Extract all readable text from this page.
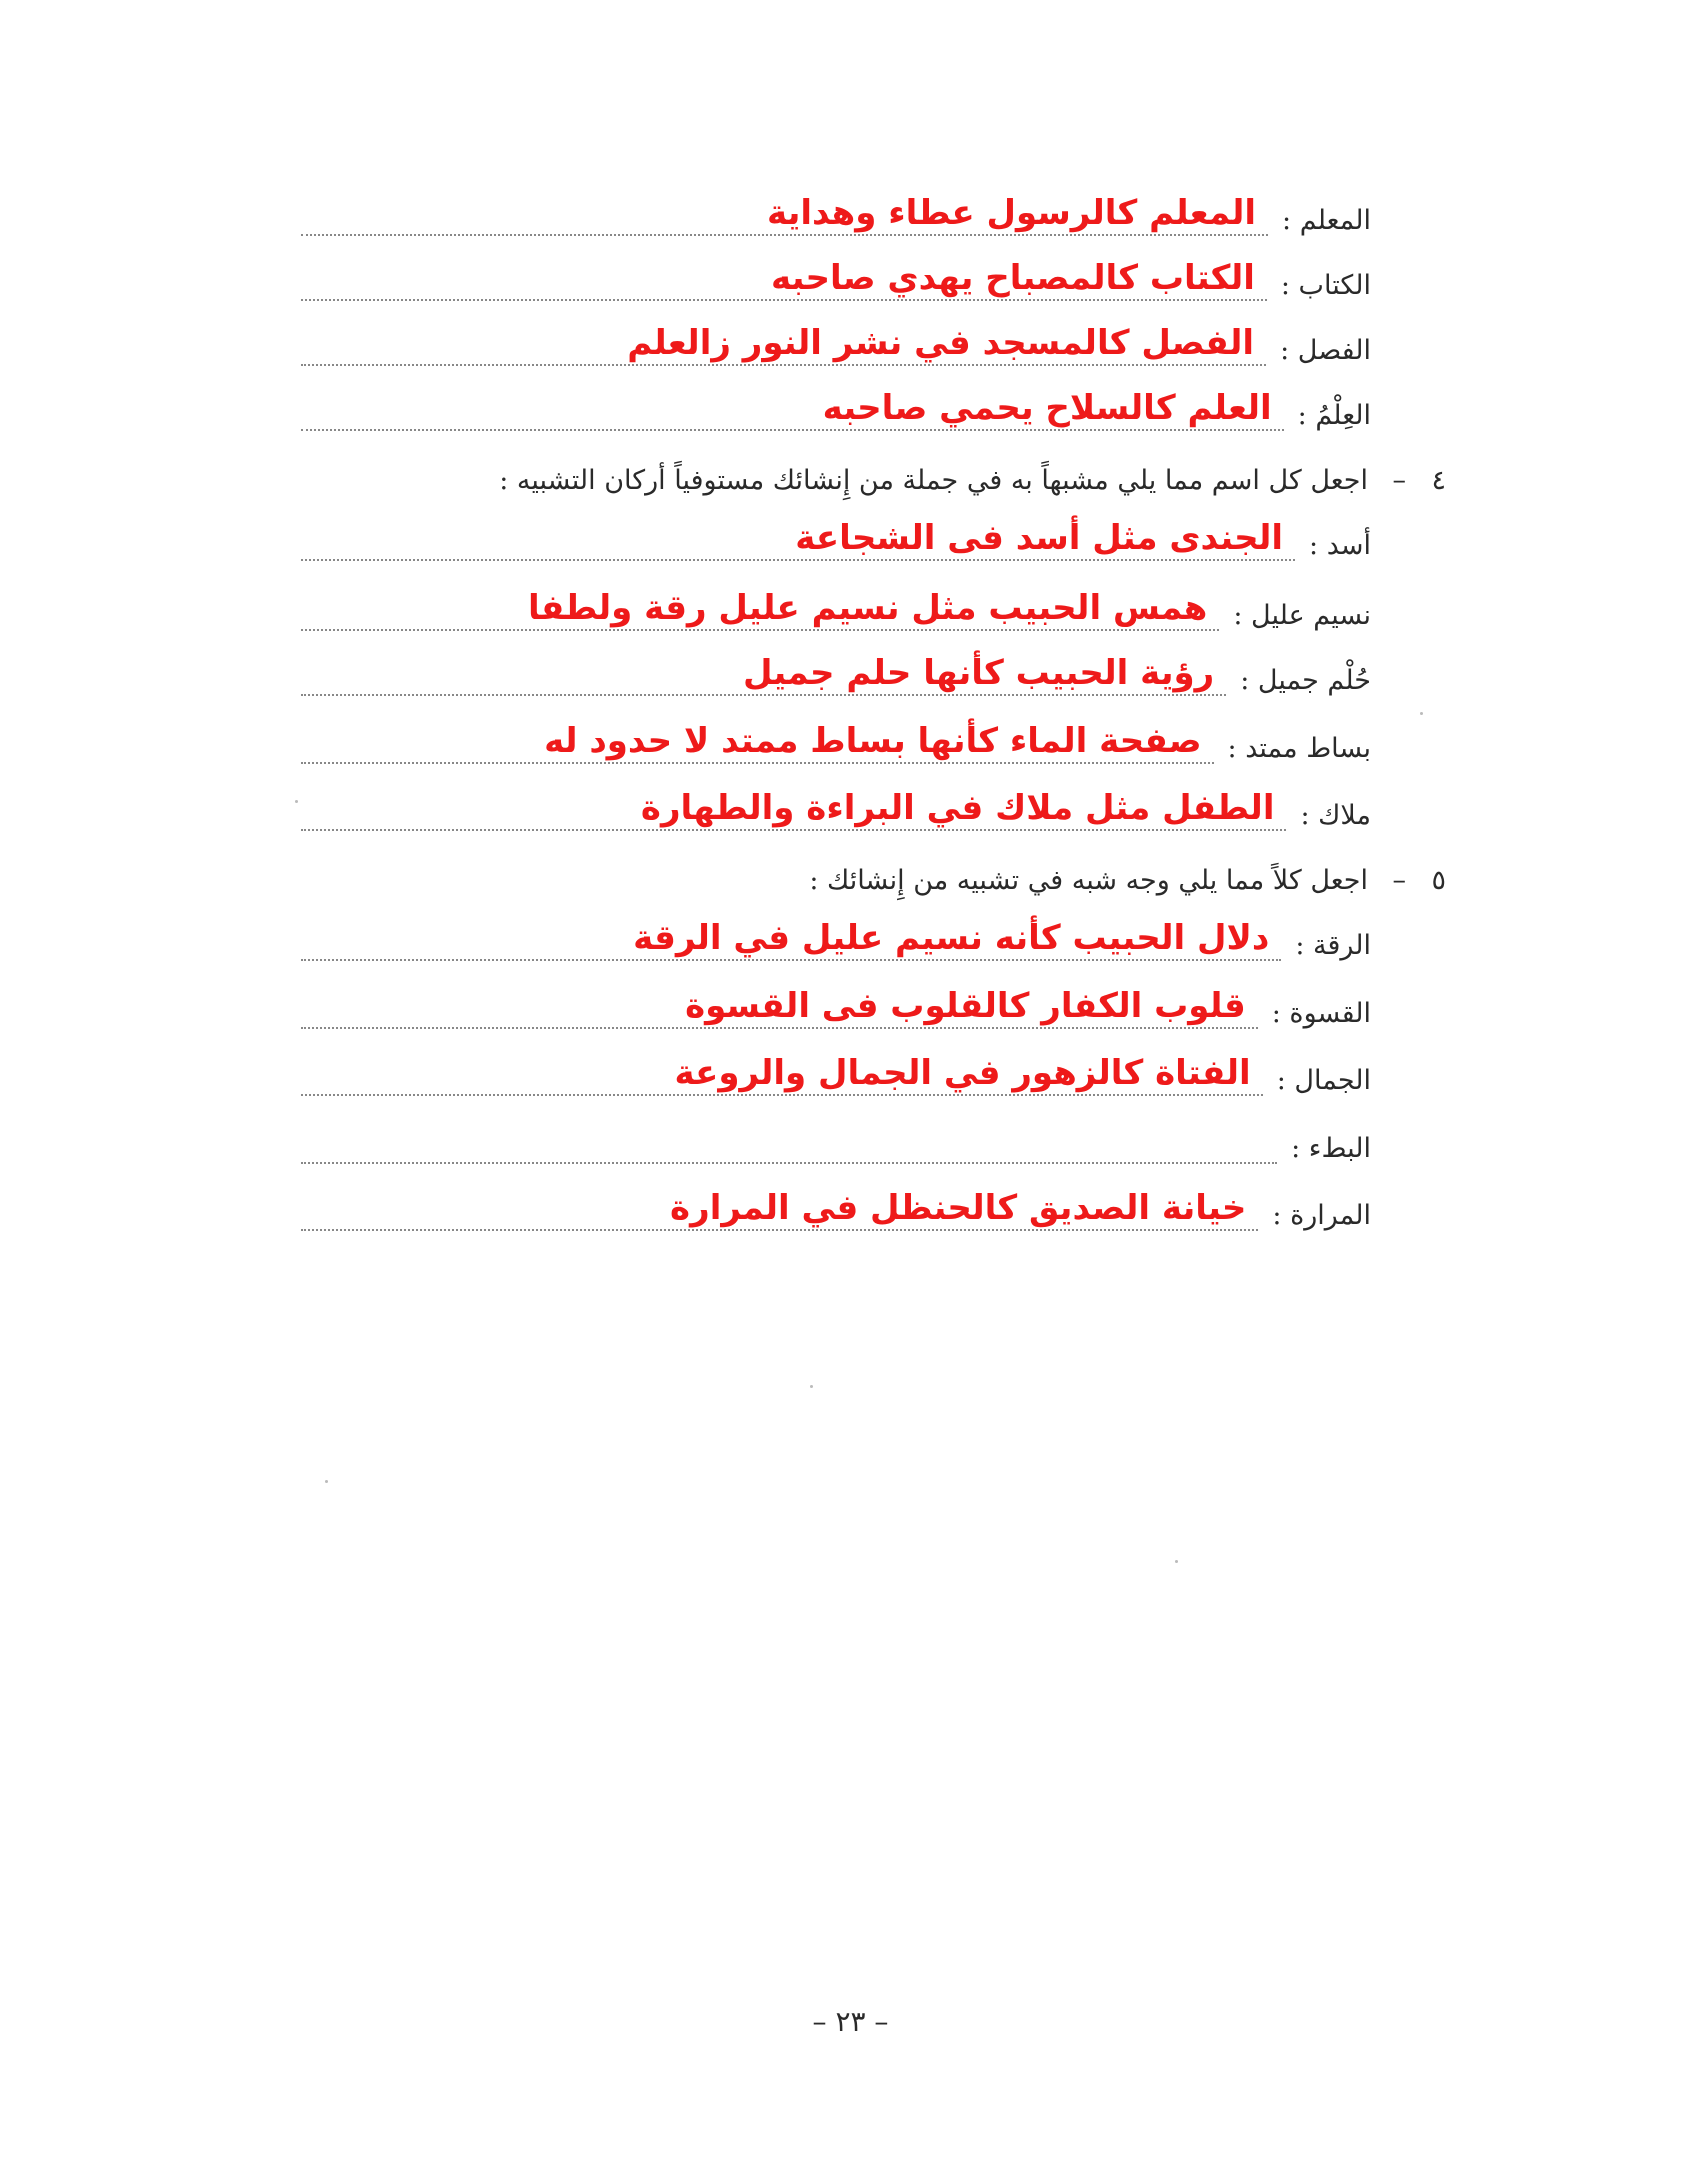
المعلم :
المعلم كالرسول عطاء وهداية
الكتاب :
الكتاب كالمصباح يهدي صاحبه
الفصل :
الفصل كالمسجد في نشر النور زالعلم
العِلْمُ :
العلم كالسلاح يحمي صاحبه
٤–اجعل كل اسم مما يلي مشبهاً به في جملة من إِنشائك مستوفياً أركان التشبيه :
أسد :
الجندى مثل أسد فى الشجاعة
نسيم عليل :
همس الحبيب مثل نسيم عليل رقة ولطفا
حُلْم جميل :
رؤية الحبيب كأنها حلم جميل
بساط ممتد :
صفحة الماء كأنها بساط ممتد لا حدود له
ملاك :
الطفل مثل ملاك في البراءة والطهارة
٥–اجعل كلاً مما يلي وجه شبه في تشبيه من إِنشائك :
الرقة :
دلال الحبيب كأنه نسيم عليل في الرقة
القسوة :
قلوب الكفار كالقلوب فى القسوة
الجمال :
الفتاة كالزهور في الجمال والروعة
البطء :
المرارة :
خيانة الصديق كالحنظل في المرارة
– ٢٣ –
